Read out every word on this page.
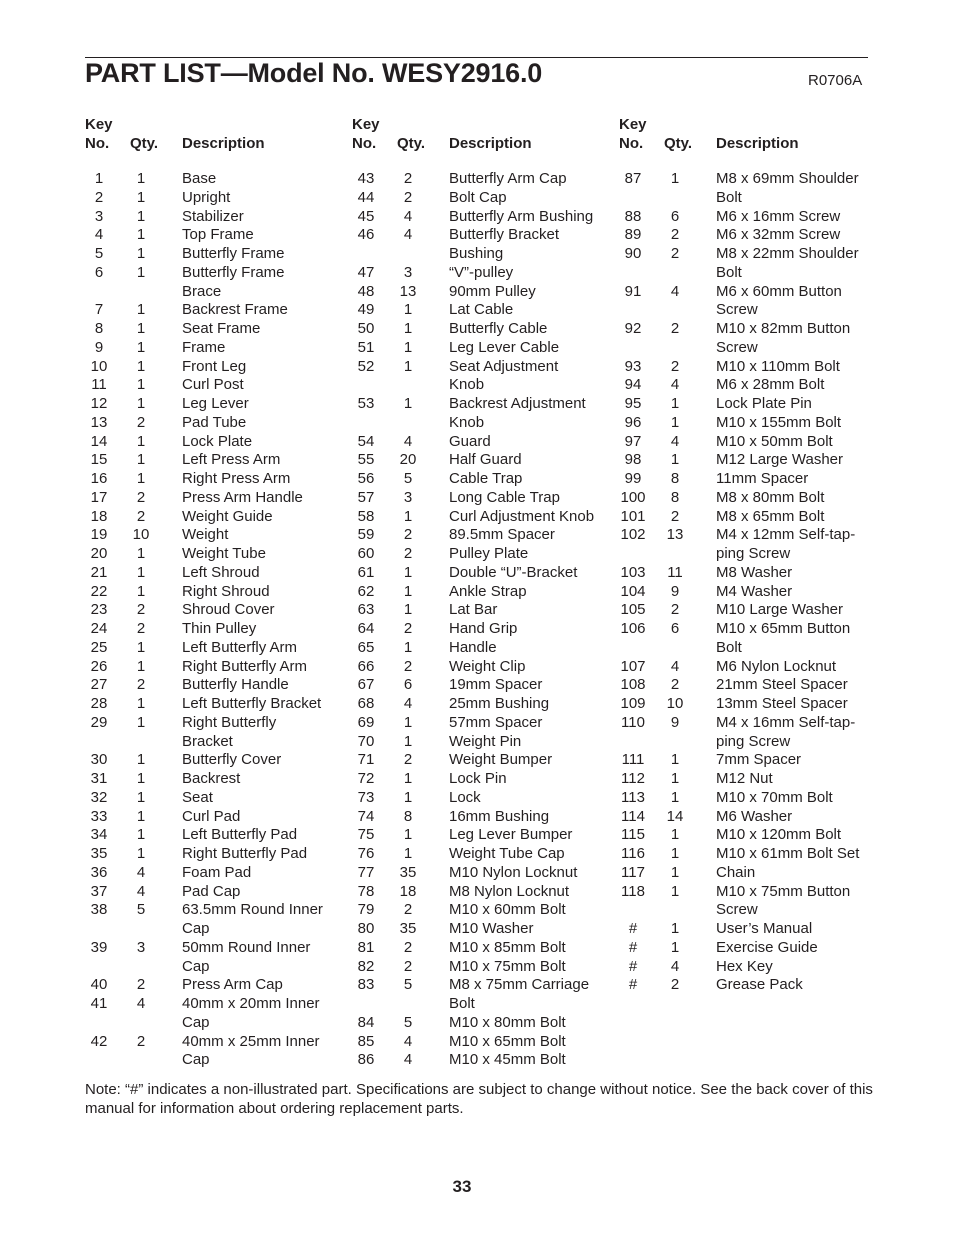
PART LIST—Model No. WESY2916.0	R0706A
Key
No. Qty. Description
1	1	Base
2	1	Upright
3	1	Stabilizer
4	1	Top Frame
5	1	Butterfly Frame
6	1	Butterfly Frame
Brace
7	1	Backrest Frame
8	1	Seat Frame
9	1	Frame
10	1	Front Leg
11	1	Curl Post
12	1	Leg Lever
13	2	Pad Tube
14	1	Lock Plate
15	1	Left Press Arm
16	1	Right Press Arm
17	2	Press Arm Handle
18	2	Weight Guide
19	10	Weight
20	1	Weight Tube
21	1	Left Shroud
22	1	Right Shroud
23	2	Shroud Cover
24	2	Thin Pulley
25	1	Left Butterfly Arm
26	1	Right Butterfly Arm
27	2	Butterfly Handle
28	1	Left Butterfly Bracket
29	1	Right Butterfly
Bracket
30	1	Butterfly Cover
31	1	Backrest
32	1	Seat
33	1	Curl Pad
34	1	Left Butterfly Pad
35	1	Right Butterfly Pad
36	4	Foam Pad
37	4	Pad Cap
38	5	63.5mm Round Inner
Cap
39	3	50mm Round Inner
Cap
40	2	Press Arm Cap
41	4	40mm x 20mm Inner
Cap
42	2	40mm x 25mm Inner
Cap
Key
No. Qty. Description
43	2	Butterfly Arm Cap
44	2	Bolt Cap
45	4	Butterfly Arm Bushing
46	4	Butterfly Bracket
Bushing
47	3	“V”-pulley
48	13	90mm Pulley
49	1	Lat Cable
50	1	Butterfly Cable
51	1	Leg Lever Cable
52	1	Seat Adjustment
Knob
53	1	Backrest Adjustment
Knob
54	4	Guard
55	20	Half Guard
56	5	Cable Trap
57	3	Long Cable Trap
58	1	Curl Adjustment Knob
59	2	89.5mm Spacer
60	2	Pulley Plate
61	1	Double “U”-Bracket
62	1	Ankle Strap
63	1	Lat Bar
64	2	Hand Grip
65	1	Handle
66	2	Weight Clip
67	6	19mm Spacer
68	4	25mm Bushing
69	1	57mm Spacer
70	1	Weight Pin
71	2	Weight Bumper
72	1	Lock Pin
73	1	Lock
74	8	16mm Bushing
75	1	Leg Lever Bumper
76	1	Weight Tube Cap
77	35	M10 Nylon Locknut
78	18	M8 Nylon Locknut
79	2	M10 x 60mm Bolt
80	35	M10 Washer
81	2	M10 x 85mm Bolt
82	2	M10 x 75mm Bolt
83	5	M8 x 75mm Carriage
Bolt
84	5	M10 x 80mm Bolt
85	4	M10 x 65mm Bolt
86	4	M10 x 45mm Bolt
Key
No. Qty. Description
87	1	M8 x 69mm Shoulder
Bolt
88	6	M6 x 16mm Screw
89	2	M6 x 32mm Screw
90	2	M8 x 22mm Shoulder
Bolt
91	4	M6 x 60mm Button
Screw
92	2	M10 x 82mm Button
Screw
93	2	M10 x 110mm Bolt
94	4	M6 x 28mm Bolt
95	1	Lock Plate Pin
96	1	M10 x 155mm Bolt
97	4	M10 x 50mm Bolt
98	1	M12 Large Washer
99	8	11mm Spacer
100	8	M8 x 80mm Bolt
101	2	M8 x 65mm Bolt
102	13	M4 x 12mm Self-tap-
ping Screw
103	11	M8 Washer
104	9	M4 Washer
105	2	M10 Large Washer
106	6	M10 x 65mm Button
Bolt
107	4	M6 Nylon Locknut
108	2	21mm Steel Spacer
109	10	13mm Steel Spacer
110	9	M4 x 16mm Self-tap-
ping Screw
111	1	7mm Spacer
112	1	M12 Nut
113	1	M10 x 70mm Bolt
114	14	M6 Washer
115	1	M10 x 120mm Bolt
116	1	M10 x 61mm Bolt Set
117	1	Chain
118	1	M10 x 75mm Button
Screw
#	1	User’s Manual
#	1	Exercise Guide
#	4	Hex Key
#	2	Grease Pack
Note: “#” indicates a non-illustrated part. Specifications are subject to change without notice. See the back cover of this manual for information about ordering replacement parts.
33
